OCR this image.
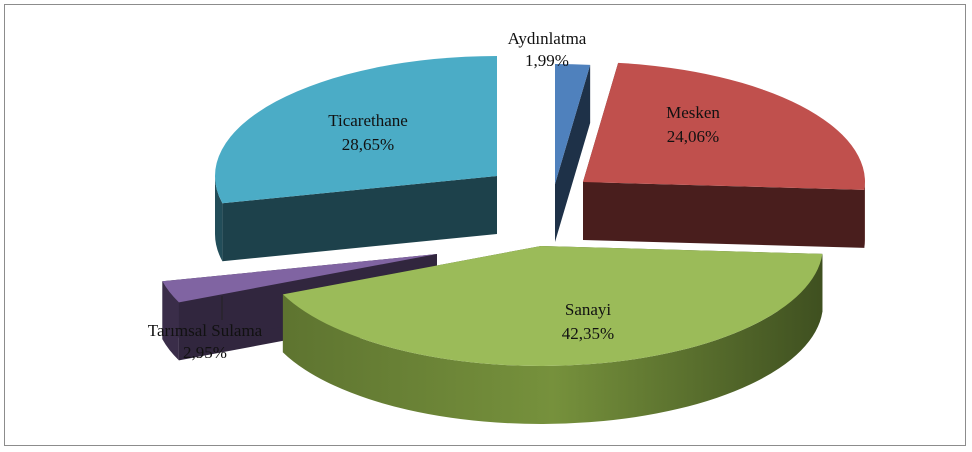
Aydınlatma
1,99%
Mesken
24,06%
Sanayi
42,35%
Tarımsal Sulama
2,95%
Ticarethane
28,65%
